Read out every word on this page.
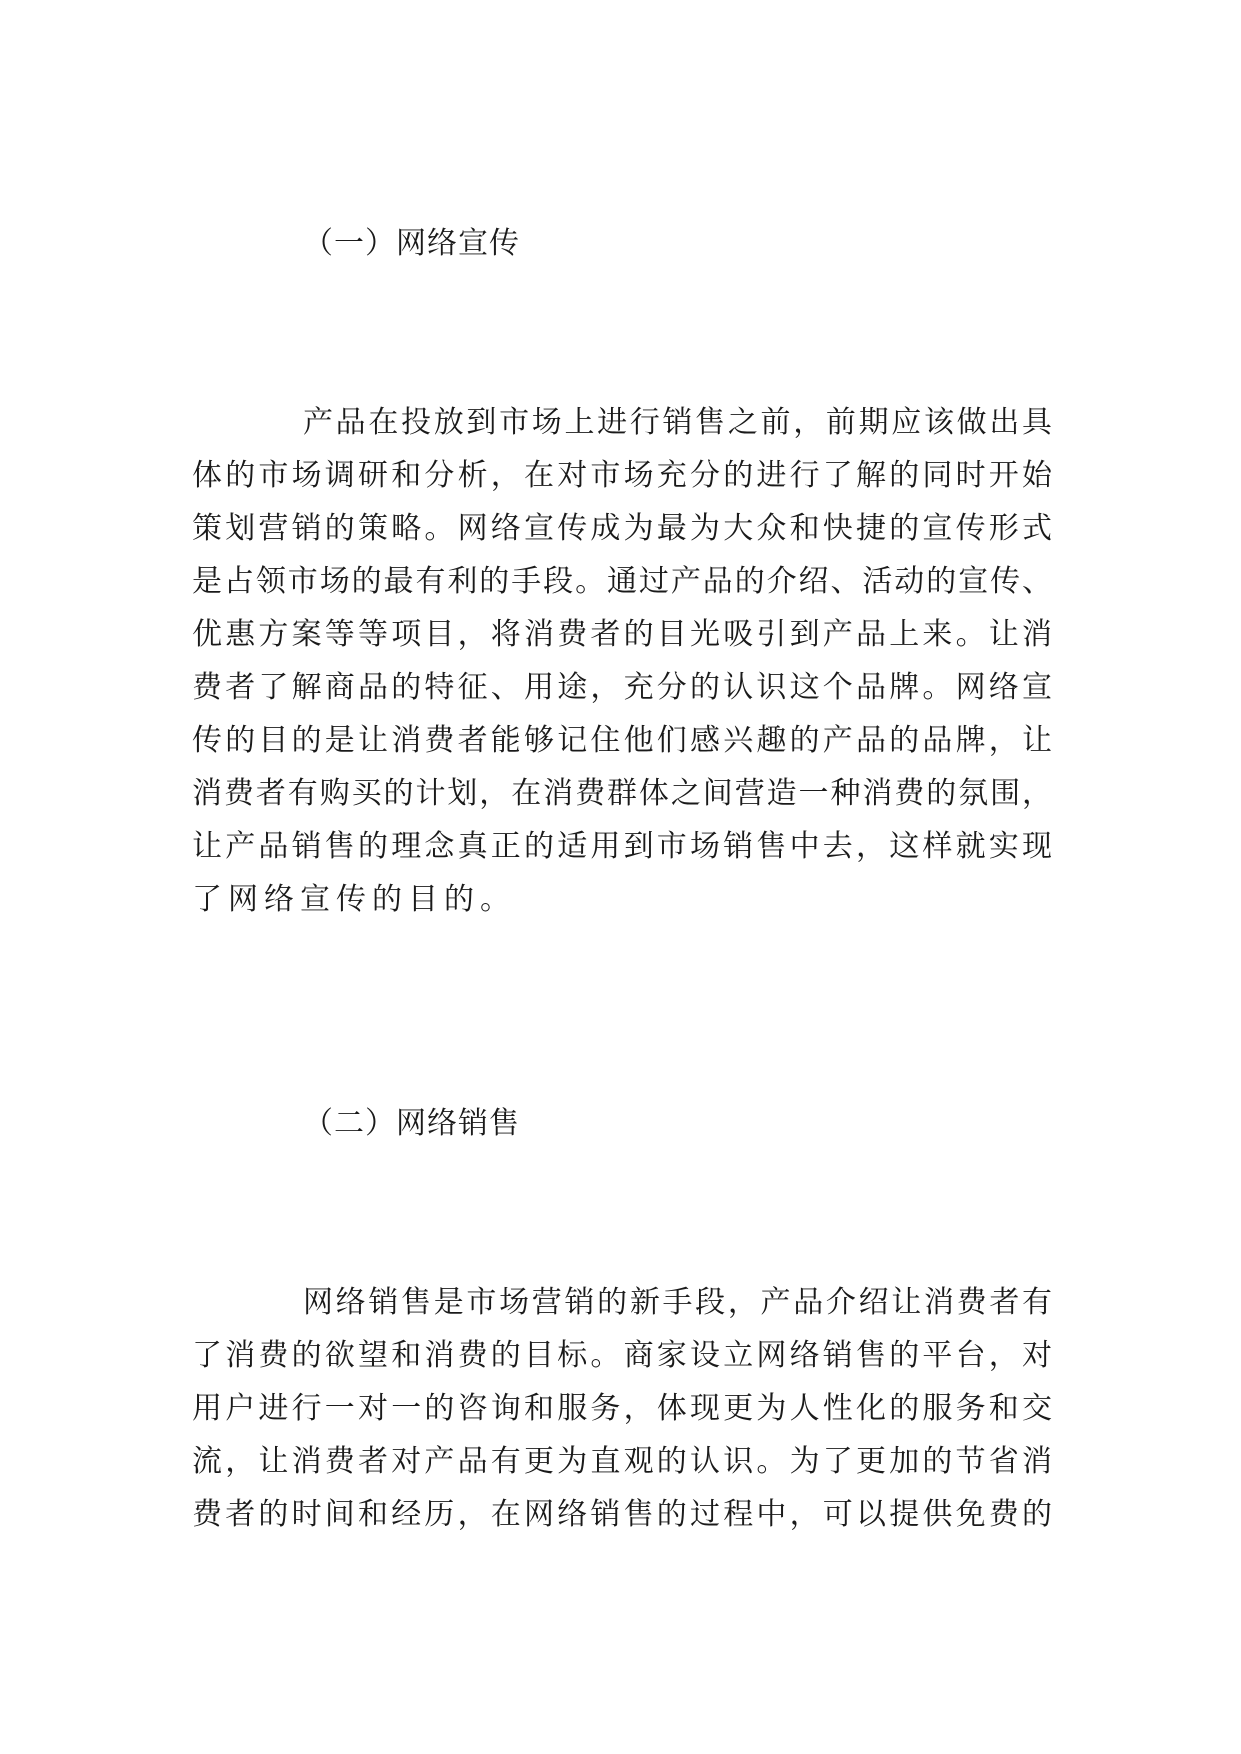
（一）网络宣传
产品在投放到市场上进行销售之前，前期应该做出具
体的市场调研和分析，在对市场充分的进行了解的同时开始
策划营销的策略。网络宣传成为最为大众和快捷的宣传形式
是占领市场的最有利的手段。通过产品的介绍、活动的宣传、
优惠方案等等项目，将消费者的目光吸引到产品上来。让消
费者了解商品的特征、用途，充分的认识这个品牌。网络宣
传的目的是让消费者能够记住他们感兴趣的产品的品牌，让
消费者有购买的计划，在消费群体之间营造一种消费的氛围，
让产品销售的理念真正的适用到市场销售中去，这样就实现
了网络宣传的目的。
（二）网络销售
网络销售是市场营销的新手段，产品介绍让消费者有
了消费的欲望和消费的目标。商家设立网络销售的平台，对
用户进行一对一的咨询和服务，体现更为人性化的服务和交
流，让消费者对产品有更为直观的认识。为了更加的节省消
费者的时间和经历，在网络销售的过程中，可以提供免费的
